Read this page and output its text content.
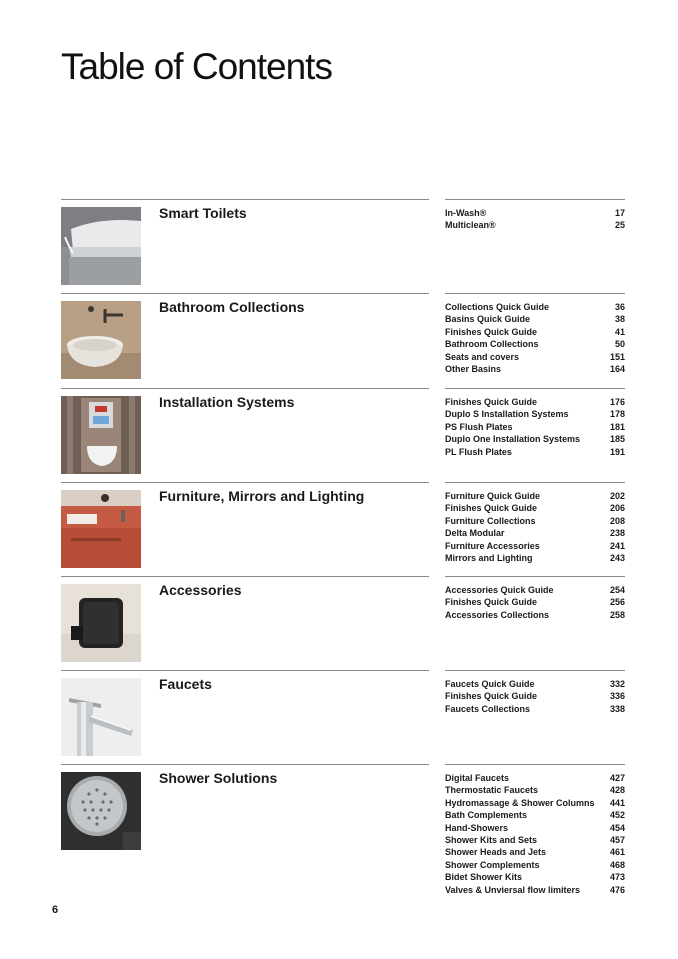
Table of Contents
Smart Toilets	In-Wash®	17
Multiclean®	25
Bathroom Collections	Collections Quick Guide	36
Basins Quick Guide	38
Finishes Quick Guide	41
Bathroom Collections	50
Seats and covers	151
Other Basins	164
Installation Systems	Finishes Quick Guide	176
Duplo S Installation Systems	178
PS Flush Plates	181
Duplo One Installation Systems	185
PL Flush Plates	191
Furniture, Mirrors and Lighting	Furniture Quick Guide	202
Finishes Quick Guide	206
Furniture Collections	208
Delta Modular	238
Furniture Accessories	241
Mirrors and Lighting	243
Accessories	Accessories Quick Guide	254
Finishes Quick Guide	256
Accessories Collections	258
Faucets	Faucets Quick Guide	332
Finishes Quick Guide	336
Faucets Collections	338
Shower Solutions	Digital Faucets	427
Thermostatic Faucets	428
Hydromassage & Shower Columns 441
Bath Complements	452
Hand-Showers	454
Shower Kits and Sets	457
Shower Heads and Jets	461
Shower Complements	468
Bidet Shower Kits	473
Valves & Unviersal flow limiters	476
6
